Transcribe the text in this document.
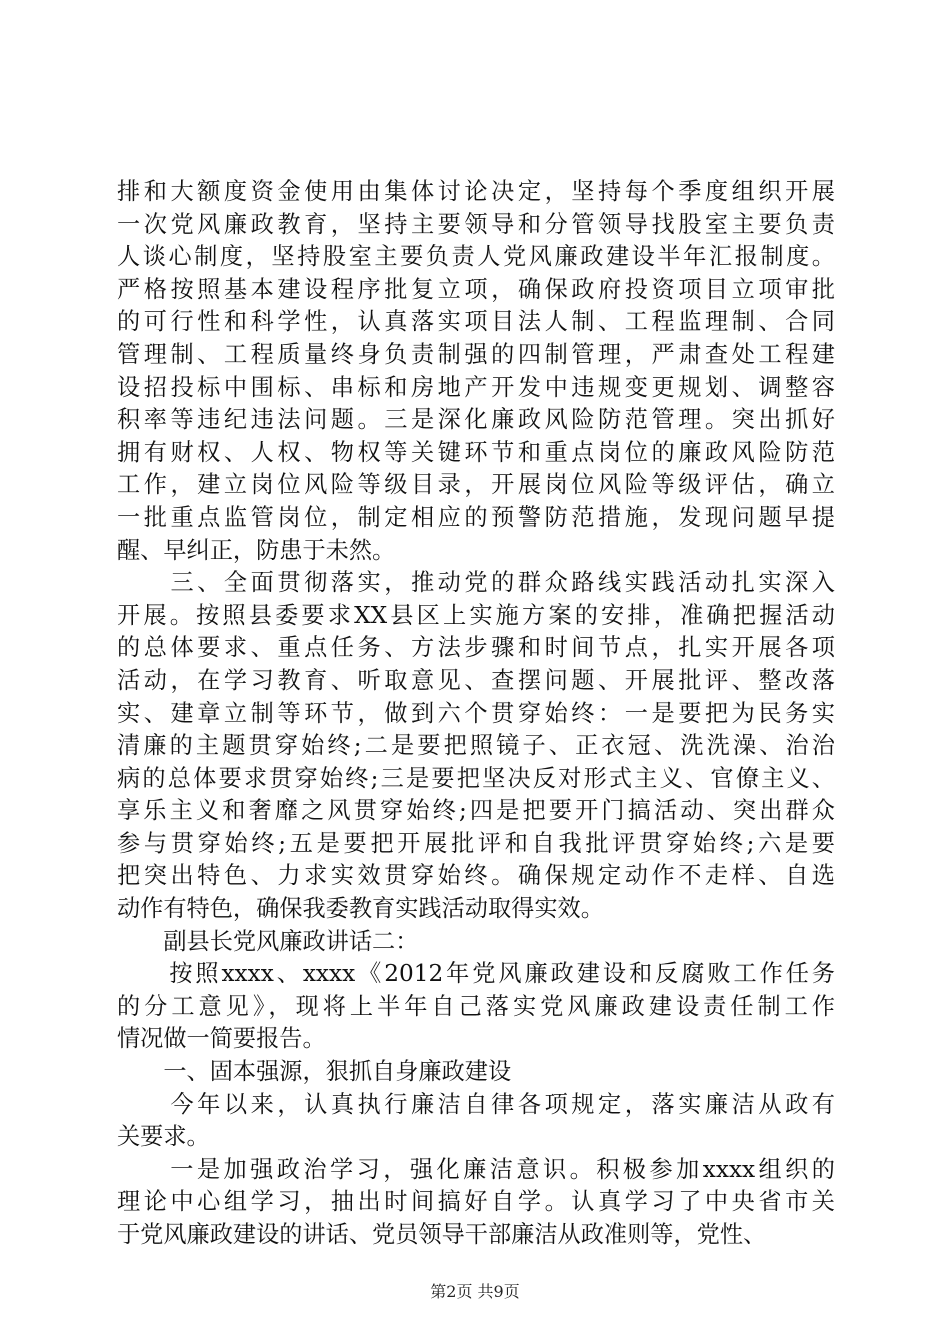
排和大额度资金使用由集体讨论决定，坚持每个季度组织开展
一次党风廉政教育，坚持主要领导和分管领导找股室主要负责
人谈心制度，坚持股室主要负责人党风廉政建设半年汇报制度。
严格按照基本建设程序批复立项，确保政府投资项目立项审批
的可行性和科学性，认真落实项目法人制、工程监理制、合同
管理制、工程质量终身负责制强的四制管理，严肃查处工程建
设招投标中围标、串标和房地产开发中违规变更规划、调整容
积率等违纪违法问题。三是深化廉政风险防范管理。突出抓好
拥有财权、人权、物权等关键环节和重点岗位的廉政风险防范
工作，建立岗位风险等级目录，开展岗位风险等级评估，确立
一批重点监管岗位，制定相应的预警防范措施，发现问题早提
醒、早纠正，防患于未然。
　　三、全面贯彻落实，推动党的群众路线实践活动扎实深入
开展。按照县委要求XX县区上实施方案的安排，准确把握活动
的总体要求、重点任务、方法步骤和时间节点，扎实开展各项
活动，在学习教育、听取意见、查摆问题、开展批评、整改落
实、建章立制等环节，做到六个贯穿始终：一是要把为民务实
清廉的主题贯穿始终;二是要把照镜子、正衣冠、洗洗澡、治治
病的总体要求贯穿始终;三是要把坚决反对形式主义、官僚主义、
享乐主义和奢靡之风贯穿始终;四是把要开门搞活动、突出群众
参与贯穿始终;五是要把开展批评和自我批评贯穿始终;六是要
把突出特色、力求实效贯穿始终。确保规定动作不走样、自选
动作有特色，确保我委教育实践活动取得实效。
　　副县长党风廉政讲话二：
　　按照xxxx、xxxx《2012年党风廉政建设和反腐败工作任务
的分工意见》，现将上半年自己落实党风廉政建设责任制工作
情况做一简要报告。
　　一、固本强源，狠抓自身廉政建设
　　今年以来，认真执行廉洁自律各项规定，落实廉洁从政有
关要求。
　　一是加强政治学习，强化廉洁意识。积极参加xxxx组织的
理论中心组学习，抽出时间搞好自学。认真学习了中央省市关
于党风廉政建设的讲话、党员领导干部廉洁从政准则等，党性、
第2页 共9页
